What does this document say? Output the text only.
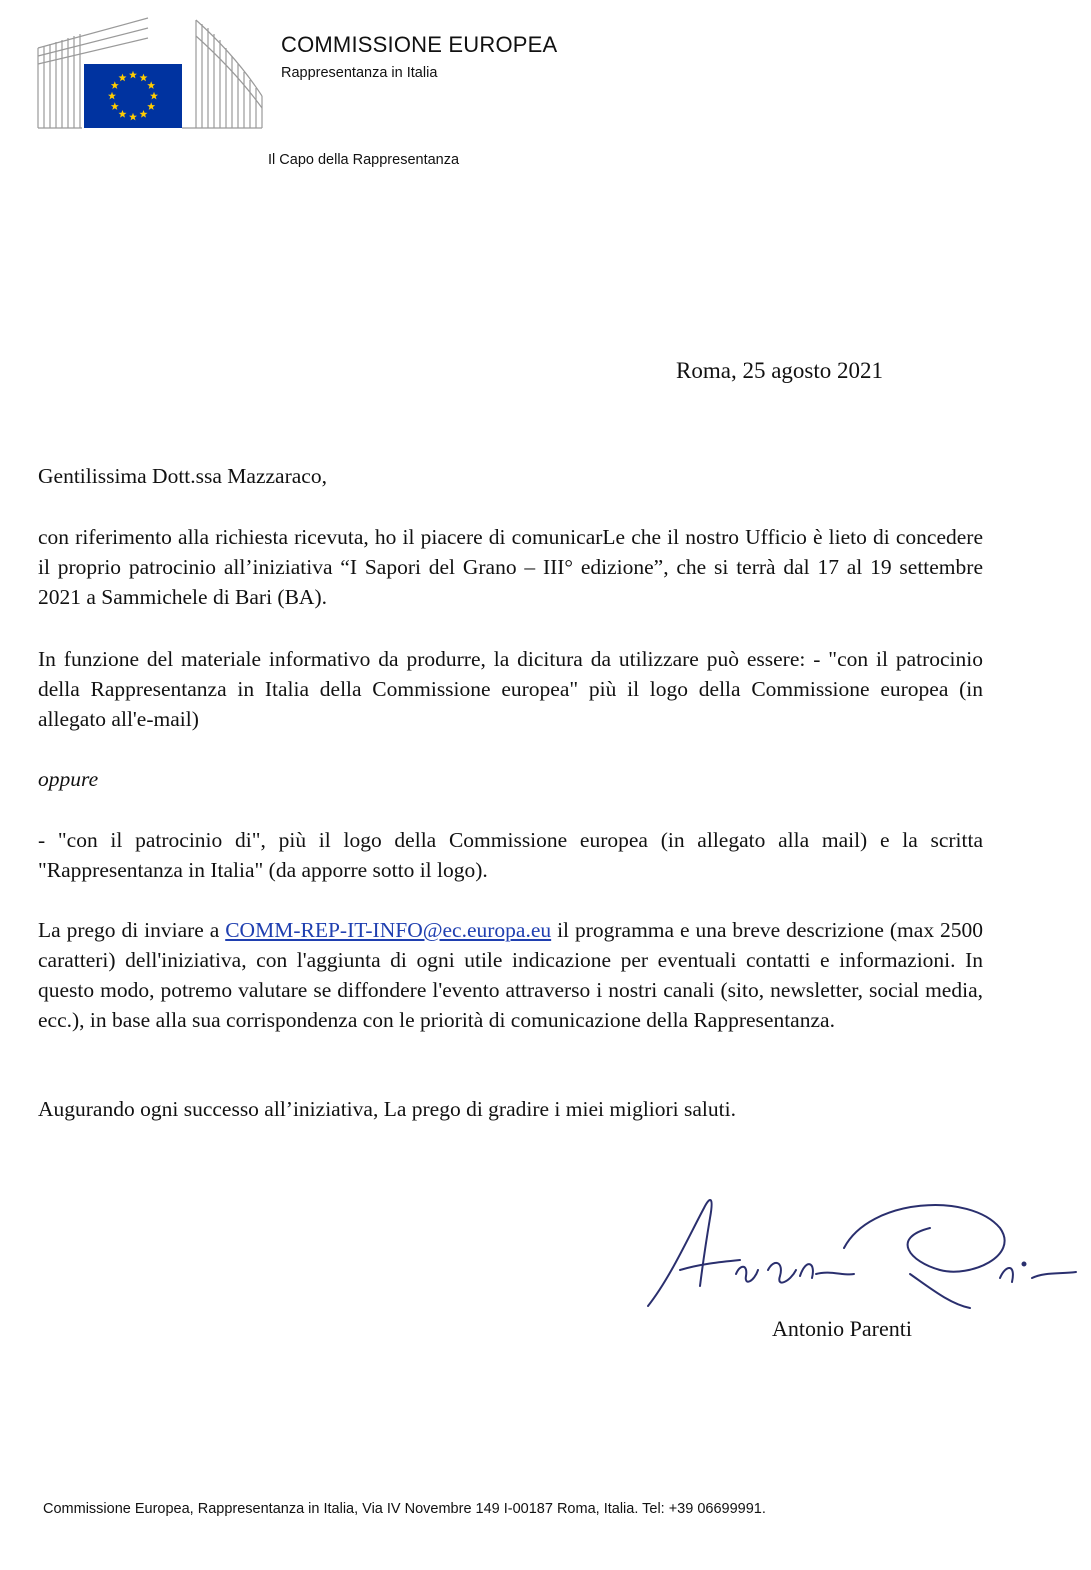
COMMISSIONE EUROPEA
Rappresentanza in Italia
Il Capo della Rappresentanza
Roma, 25 agosto 2021

Gentilissima Dott.ssa Mazzaraco,

con riferimento alla richiesta ricevuta, ho il piacere di comunicarLe che il nostro Ufficio è lieto di concedere il proprio patrocinio all’iniziativa “I Sapori del Grano – III° edizione”, che si terrà dal 17 al 19 settembre 2021 a Sammichele di Bari (BA).

In funzione del materiale informativo da produrre, la dicitura da utilizzare può essere: - "con il patrocinio della Rappresentanza in Italia della Commissione europea" più il logo della Commissione europea (in allegato all'e-mail)

oppure

- "con il patrocinio di", più il logo della Commissione europea (in allegato alla mail) e la scritta "Rappresentanza in Italia" (da apporre sotto il logo).

La prego di inviare a COMM-REP-IT-INFO@ec.europa.eu il programma e una breve descrizione (max 2500 caratteri) dell'iniziativa, con l'aggiunta di ogni utile indicazione per eventuali contatti e informazioni. In questo modo, potremo valutare se diffondere l'evento attraverso i nostri canali (sito, newsletter, social media, ecc.), in base alla sua corrispondenza con le priorità di comunicazione della Rappresentanza.

Augurando ogni successo all’iniziativa, La prego di gradire i miei migliori saluti.

Antonio Parenti
Commissione Europea, Rappresentanza in Italia, Via IV Novembre 149 I-00187 Roma, Italia. Tel: +39 06699991.
